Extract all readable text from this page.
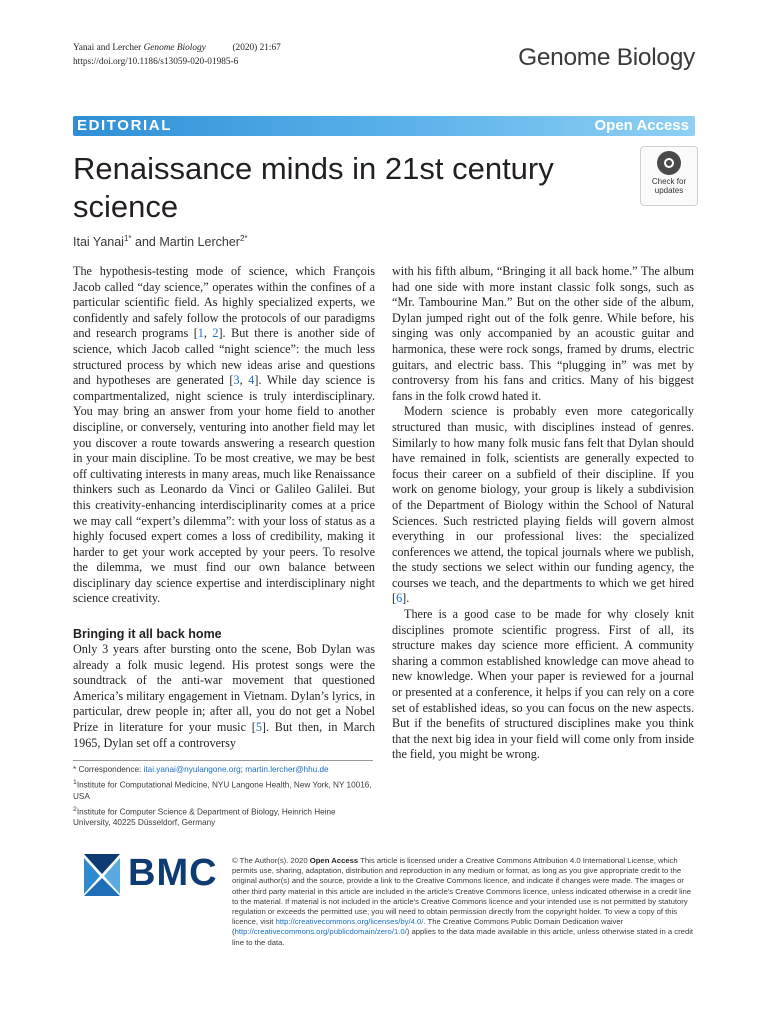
Yanai and Lercher Genome Biology	(2020) 21:67
https://doi.org/10.1186/s13059-020-01985-6	Genome Biology
EDITORIAL	Open Access
Renaissance minds in 21st century science
Check for
updates
Itai Yanai$^{1*}$ and Martin Lercher$^{2*}$

The hypothesis-testing mode of science, which François Jacob called “day science,” operates within the confines of a particular scientific field. As highly specialized experts, we confidently and safely follow the protocols of our paradigms and research programs [1, 2]. But there is another side of science, which Jacob called “night science”: the much less structured process by which new ideas arise and questions and hypotheses are generated [3, 4]. While day science is compartmentalized, night science is truly interdisciplinary. You may bring an answer from your home field to another discipline, or conversely, venturing into another field may let you discover a route towards answering a research question in your main discipline. To be most creative, we may be best off cultivating interests in many areas, much like Renaissance thinkers such as Leonardo da Vinci or Galileo Galilei. But this creativity-enhancing interdisciplinarity comes at a price we may call “expert’s dilemma”: with your loss of status as a highly focused expert comes a loss of credibility, making it harder to get your work accepted by your peers. To resolve the dilemma, we must find our own balance between disciplinary day science expertise and interdisciplinary night science creativity.

Bringing it all back home

Only 3 years after bursting onto the scene, Bob Dylan was already a folk music legend. His protest songs were the soundtrack of the anti-war movement that questioned America’s military engagement in Vietnam. Dylan’s lyrics, in particular, drew people in; after all, you do not get a Nobel Prize in literature for your music [5]. But then, in March 1965, Dylan set off a controversy

with his fifth album, “Bringing it all back home.” The album had one side with more instant classic folk songs, such as “Mr. Tambourine Man.” But on the other side of the album, Dylan jumped right out of the folk genre. While before, his singing was only accompanied by an acoustic guitar and harmonica, these were rock songs, framed by drums, electric guitars, and electric bass. This “plugging in” was met by controversy from his fans and critics. Many of his biggest fans in the folk crowd hated it.

Modern science is probably even more categorically structured than music, with disciplines instead of genres. Similarly to how many folk music fans felt that Dylan should have remained in folk, scientists are generally expected to focus their career on a subfield of their discipline. If you work on genome biology, your group is likely a subdivision of the Department of Biology within the School of Natural Sciences. Such restricted playing fields will govern almost everything in our professional lives: the specialized conferences we attend, the topical journals where we publish, the study sections we select within our funding agency, the courses we teach, and the departments to which we get hired [6].

There is a good case to be made for why closely knit disciplines promote scientific progress. First of all, its structure makes day science more efficient. A community sharing a common established knowledge can move ahead to new knowledge. When your paper is reviewed for a journal or presented at a conference, it helps if you can rely on a core set of established ideas, so you can focus on the new aspects. But if the benefits of structured disciplines make you think that the next big idea in your field will come only from inside the field, you might be wrong.

* Correspondence: itai.yanai@nyulangone.org; martin.lercher@hhu.de
$^1$Institute for Computational Medicine, NYU Langone Health, New York, NY 10016, USA
$^2$Institute for Computer Science & Department of Biology, Heinrich Heine University, 40225 Düsseldorf, Germany
BMC © The Author(s). 2020 Open Access This article is licensed under a Creative Commons Attribution 4.0 International License, which permits use, sharing, adaptation, distribution and reproduction in any medium or format, as long as you give appropriate credit to the original author(s) and the source, provide a link to the Creative Commons licence, and indicate if changes were made. The images or other third party material in this article are included in the article's Creative Commons licence, unless indicated otherwise in a credit line to the material. If material is not included in the article's Creative Commons licence and your intended use is not permitted by statutory regulation or exceeds the permitted use, you will need to obtain permission directly from the copyright holder. To view a copy of this licence, visit http://creativecommons.org/licenses/by/4.0/. The Creative Commons Public Domain Dedication waiver (http://creativecommons.org/publicdomain/zero/1.0/) applies to the data made available in this article, unless otherwise stated in a credit line to the data.
